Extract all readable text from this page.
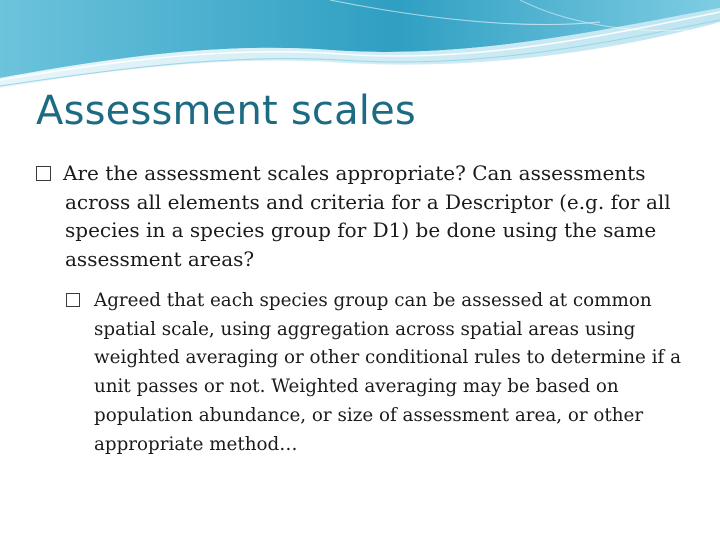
Assessment scales
Are the assessment scales appropriate? Can assessments across all elements and criteria for a Descriptor (e.g. for all species in a species group for D1) be done using the same assessment areas?
Agreed that each species group can be assessed at common spatial scale, using aggregation across spatial areas using weighted averaging or other conditional rules to determine if a unit passes or not. Weighted averaging may be based on population abundance, or size of assessment area, or other appropriate method…
